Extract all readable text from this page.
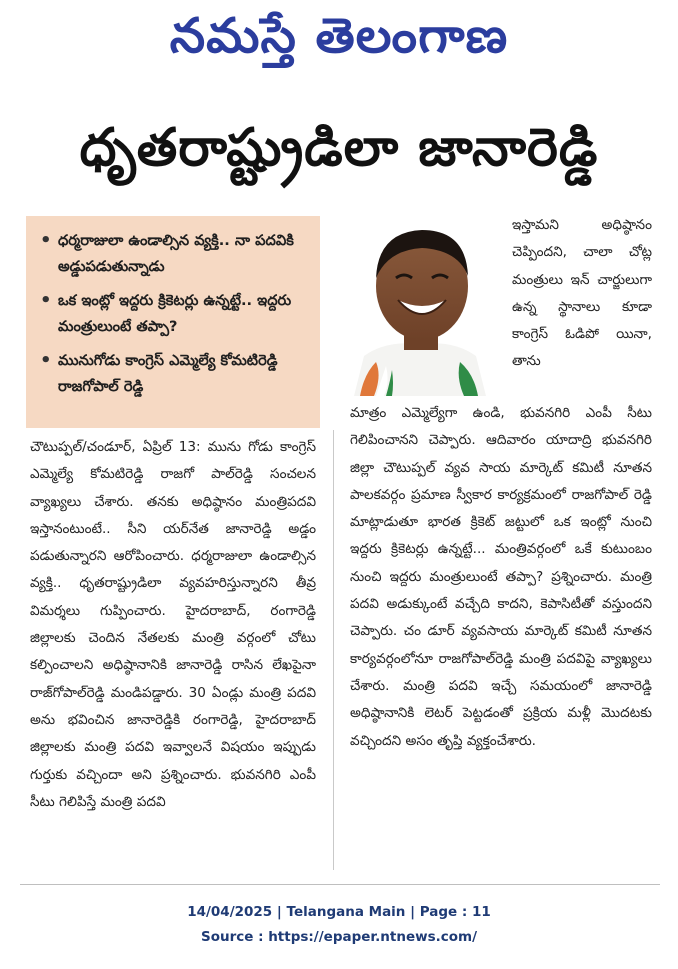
నమస్తే తెలంగాణ
ధృతరాష్ట్రుడిలా జానారెడ్డి
• ధర్మరాజులా ఉండాల్సిన వ్యక్తి.. నా పదవికి అడ్డుపడుతున్నాడు
• ఒక ఇంట్లో ఇద్దరు క్రికెటర్లు ఉన్నట్టే.. ఇద్దరు మంత్రులుంటే తప్పా?
• మునుగోడు కాంగ్రెస్ ఎమ్మెల్యే కోమటిరెడ్డి రాజగోపాల్ రెడ్డి

ఇస్తామని అధిష్ఠానం చెప్పిందని, చాలా చోట్ల మంత్రులు ఇన్ చార్జులుగా ఉన్న స్థానాలు కూడా కాంగ్రెస్ ఓడిపో యినా, తాను

చౌటుప్పల్/చండూర్, ఏప్రిల్ 13: మును గోడు కాంగ్రెస్ ఎమ్మెల్యే కోమటిరెడ్డి రాజగో పాల్‌రెడ్డి సంచలన వ్యాఖ్యలు చేశారు. తనకు అధిష్ఠానం మంత్రిపదవి ఇస్తానంటుంటే.. సీని యర్‌నేత జానారెడ్డి అడ్డం పడుతున్నారని ఆరోపించారు. ధర్మరాజులా ఉండాల్సిన వ్యక్తి.. ధృతరాష్ట్రుడిలా వ్యవహరిస్తున్నారని తీవ్ర విమర్శలు గుప్పించారు. హైదరాబాద్, రంగారెడ్డి జిల్లాలకు చెందిన నేతలకు మంత్రి వర్గంలో చోటు కల్పించాలని అధిష్ఠానానికి జానారెడ్డి రాసిన లేఖపైనా రాజ్‌గోపాల్‌రెడ్డి మండిపడ్డారు. 30 ఏండ్లు మంత్రి పదవి అను భవించిన జానారెడ్డికి రంగారెడ్డి, హైదరాబాద్ జిల్లాలకు మంత్రి పదవి ఇవ్వాలనే విషయం ఇప్పుడు గుర్తుకు వచ్చిందా అని ప్రశ్నించారు. భువనగిరి ఎంపీ సీటు గెలిపిస్తే మంత్రి పదవి

మాత్రం ఎమ్మెల్యేగా ఉండి, భువనగిరి ఎంపీ సీటు గెలిపించానని చెప్పారు. ఆదివారం యాదాద్రి భువనగిరి జిల్లా చౌటుప్పల్ వ్యవ సాయ మార్కెట్ కమిటీ నూతన పాలకవర్గం ప్రమాణ స్వీకార కార్యక్రమంలో రాజగోపాల్ రెడ్డి మాట్లాడుతూ భారత క్రికెట్ జట్టులో ఒక ఇంట్లో నుంచి ఇద్దరు క్రికెటర్లు ఉన్నట్టే... మంత్రివర్గంలో ఒకే కుటుంబం నుంచి ఇద్దరు మంత్రులుంటే తప్పా? ప్రశ్నించారు. మంత్రి పదవి అడుక్కుంటే వచ్చేది కాదని, కెపాసిటీతో వస్తుందని చెప్పారు. చం డూర్ వ్యవసాయ మార్కెట్ కమిటీ నూతన కార్యవర్గంలోనూ రాజగోపాల్‌రెడ్డి మంత్రి పదవిపై వ్యాఖ్యలు చేశారు. మంత్రి పదవి ఇచ్చే సమయంలో జానారెడ్డి అధిష్ఠానానికి లెటర్ పెట్టడంతో ప్రక్రియ మళ్లీ మొదటకు వచ్చిందని అసం తృప్తి వ్యక్తంచేశారు.

14/04/2025 | Telangana Main | Page : 11
Source : https://epaper.ntnews.com/
